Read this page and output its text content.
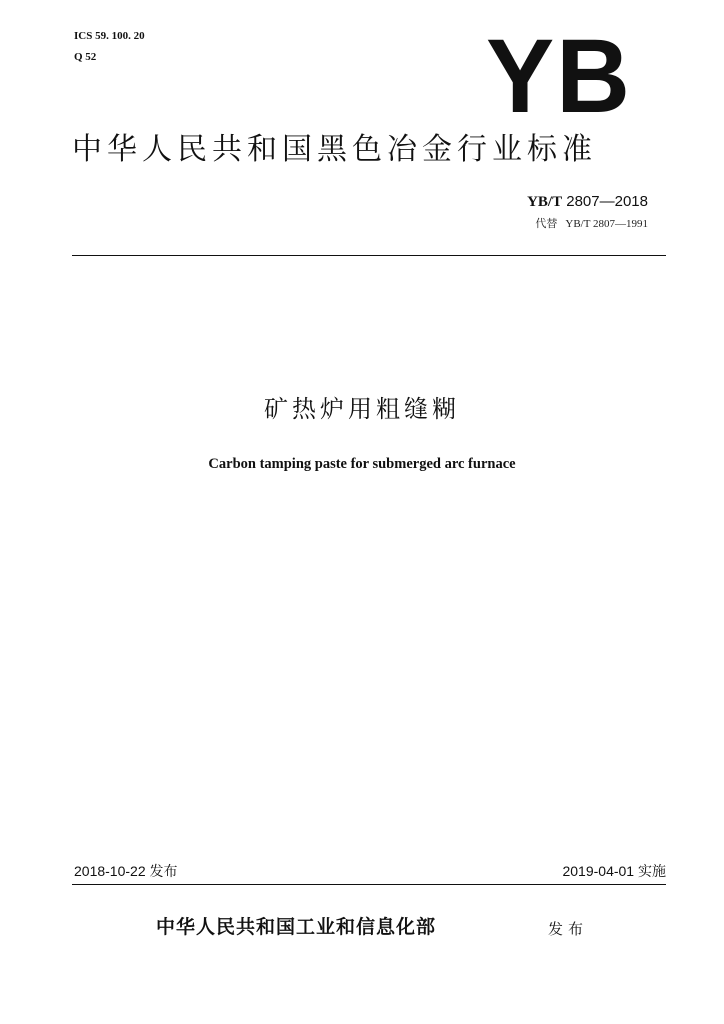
ICS 59. 100. 20
Q 52	YB
中华人民共和国黑色冶金行业标准
YB/T 2807—2018
代替 YB/T 2807—1991
矿热炉用粗缝糊
Carbon tamping paste for submerged arc furnace
2018-10-22 发布	2019-04-01 实施
中华人民共和国工业和信息化部	发布
